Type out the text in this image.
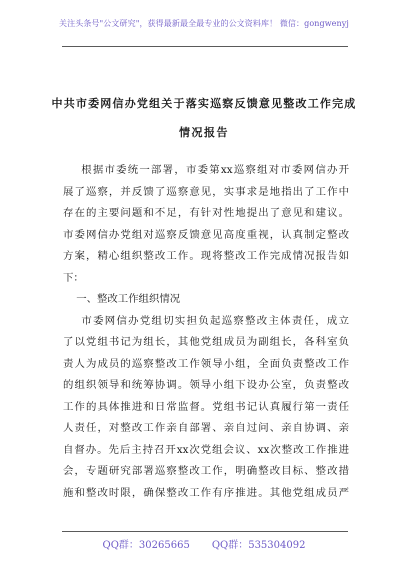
关注头条号"公文研究"，获得最新最全最专业的公文资料库！ 微信：gongwenyj
中共市委网信办党组关于落实巡察反馈意见整改工作完成
情况报告
根据市委统一部署，市委第xx巡察组对市委网信办开
展了巡察，并反馈了巡察意见，实事求是地指出了工作中
存在的主要问题和不足，有针对性地提出了意见和建议。
市委网信办党组对巡察反馈意见高度重视，认真制定整改
方案，精心组织整改工作。现将整改工作完成情况报告如
下：
一、整改工作组织情况
市委网信办党组切实担负起巡察整改主体责任，成立
了以党组书记为组长，其他党组成员为副组长，各科室负
责人为成员的巡察整改工作领导小组，全面负责整改工作
的组织领导和统筹协调。领导小组下设办公室，负责整改
工作的具体推进和日常监督。党组书记认真履行第一责任
人责任，对整改工作亲自部署、亲自过问、亲自协调、亲
自督办。先后主持召开xx次党组会议、xx次整改工作推进
会，专题研究部署巡察整改工作，明确整改目标、整改措
施和整改时限，确保整改工作有序推进。其他党组成员严
QQ群：30265665 QQ群：535304092
